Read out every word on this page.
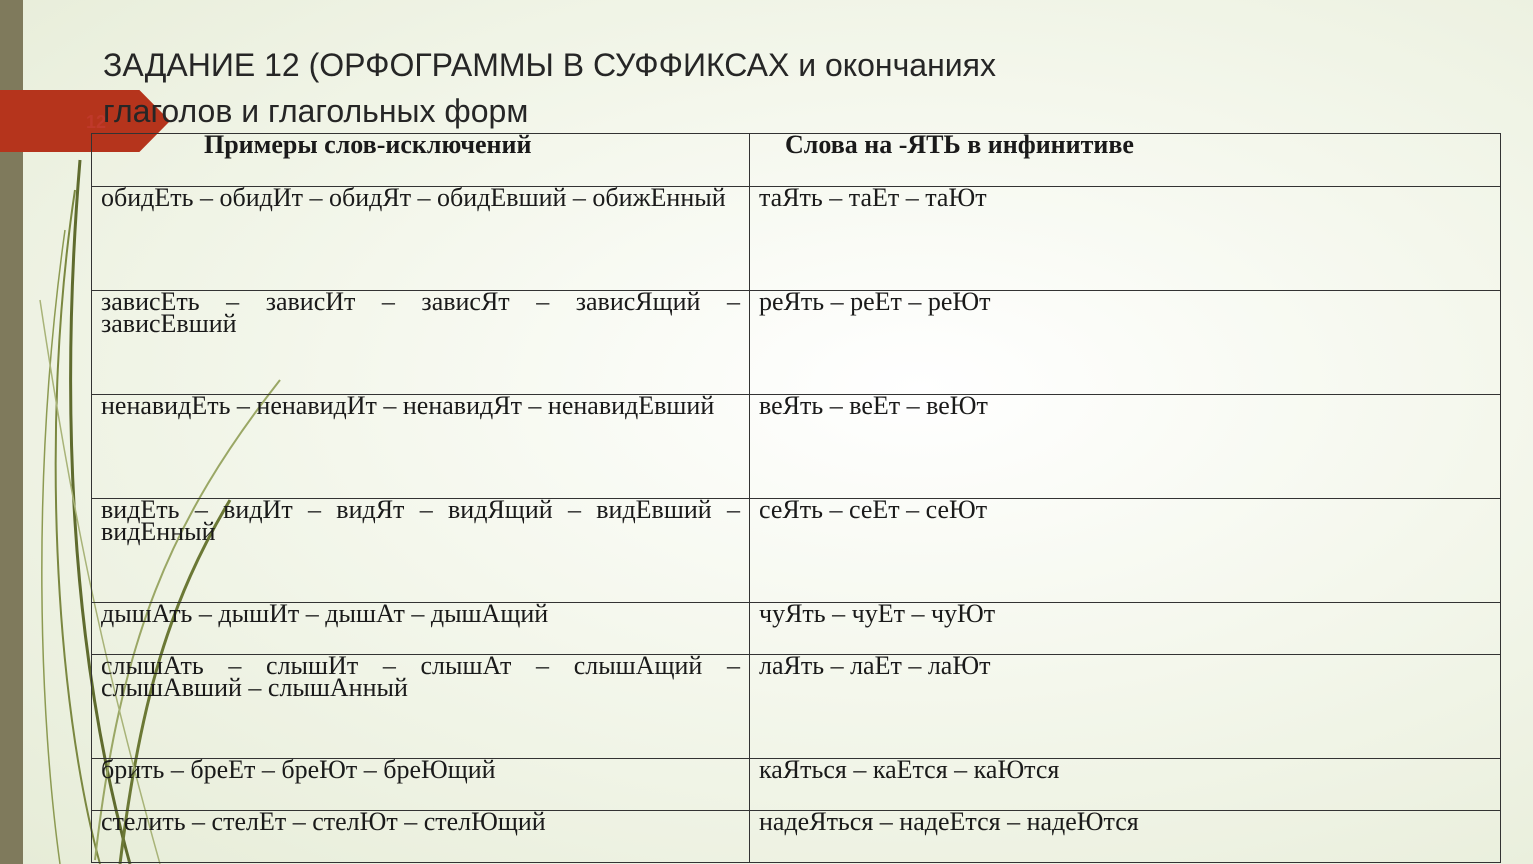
12
ЗАДАНИЕ 12 (ОРФОГРАММЫ В СУФФИКСАХ и окончаниях
глаголов и глагольных форм
Примеры слов-исключений	Слова на -ЯТЬ в инфинитиве
обидЕть – обидИт – обидЯт – обидЕвший – обижЕнный	таЯть – таЕт – таЮт
зависЕть – зависИт – зависЯт – зависЯщий – зависЕвший	реЯть – реЕт – реЮт
ненавидЕть – ненавидИт – ненавидЯт – ненавидЕвший	веЯть – веЕт – веЮт
видЕть – видИт – видЯт – видЯщий – видЕвший – видЕнный	сеЯть – сеЕт – сеЮт
дышАть – дышИт – дышАт – дышАщий	чуЯть – чуЕт – чуЮт
слышАть – слышИт – слышАт – слышАщий – слышАвший – слышАнный	лаЯть – лаЕт – лаЮт
брить – бреЕт – бреЮт – бреЮщий	каЯться – каЕтся – каЮтся
стелить – стелЕт – стелЮт – стелЮщий	надеЯться – надеЕтся – надеЮтся
